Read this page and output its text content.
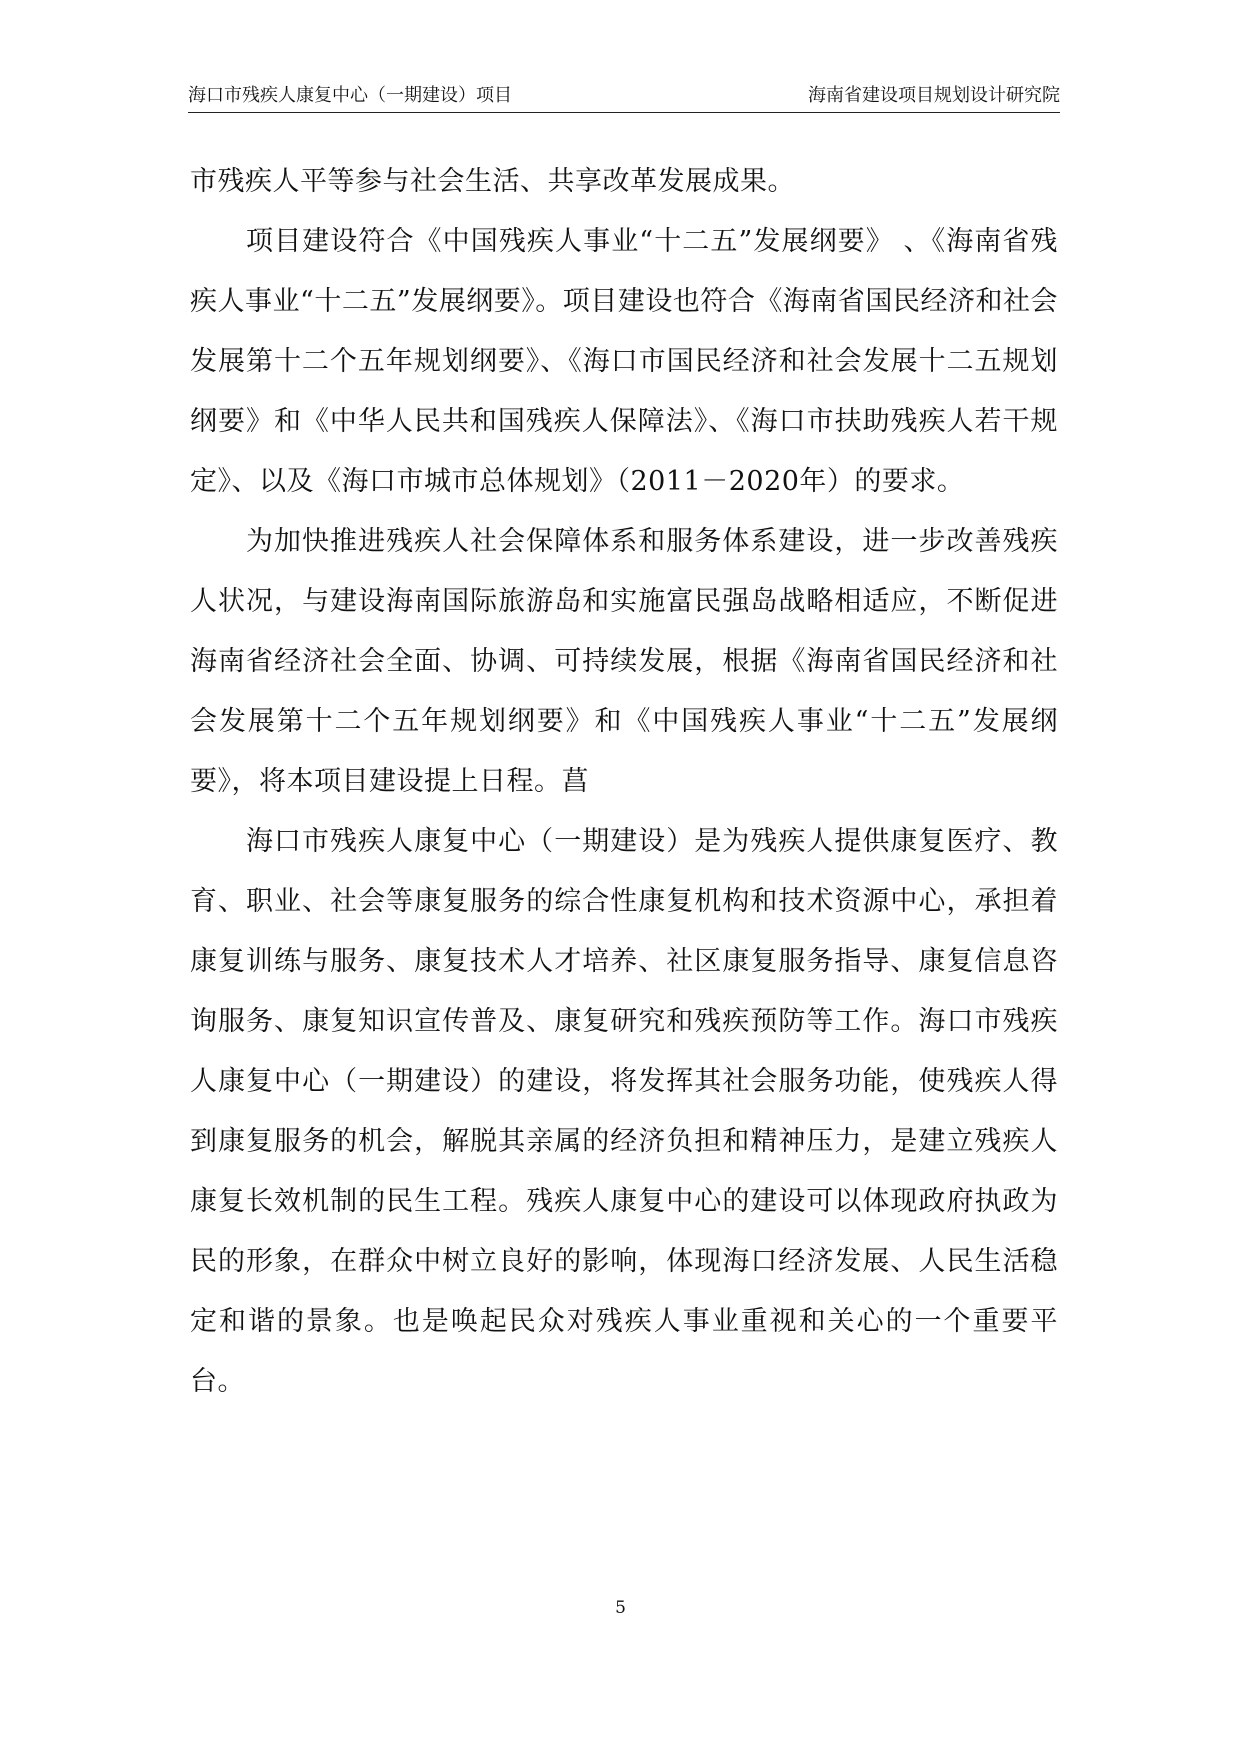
海口市残疾人康复中心（一期建设）项目	海南省建设项目规划设计研究院

市残疾人平等参与社会生活、共享改革发展成果。

项目建设符合《中国残疾人事业“十二五”发展纲要》 、《海南省残疾人事业“十二五”发展纲要》。项目建设也符合《海南省国民经济和社会发展第十二个五年规划纲要》、《海口市国民经济和社会发展十二五规划纲要》和《中华人民共和国残疾人保障法》、《海口市扶助残疾人若干规定》、以及《海口市城市总体规划》（2011－2020年）的要求。

为加快推进残疾人社会保障体系和服务体系建设，进一步改善残疾人状况，与建设海南国际旅游岛和实施富民强岛战略相适应，不断促进海南省经济社会全面、协调、可持续发展，根据《海南省国民经济和社会发展第十二个五年规划纲要》和《中国残疾人事业“十二五”发展纲要》，将本项目建设提上日程。菖

海口市残疾人康复中心（一期建设）是为残疾人提供康复医疗、教育、职业、社会等康复服务的综合性康复机构和技术资源中心，承担着康复训练与服务、康复技术人才培养、社区康复服务指导、康复信息咨询服务、康复知识宣传普及、康复研究和残疾预防等工作。海口市残疾人康复中心（一期建设）的建设，将发挥其社会服务功能，使残疾人得到康复服务的机会，解脱其亲属的经济负担和精神压力，是建立残疾人康复长效机制的民生工程。残疾人康复中心的建设可以体现政府执政为民的形象，在群众中树立良好的影响，体现海口经济发展、人民生活稳定和谐的景象。也是唤起民众对残疾人事业重视和关心的一个重要平台。

5
